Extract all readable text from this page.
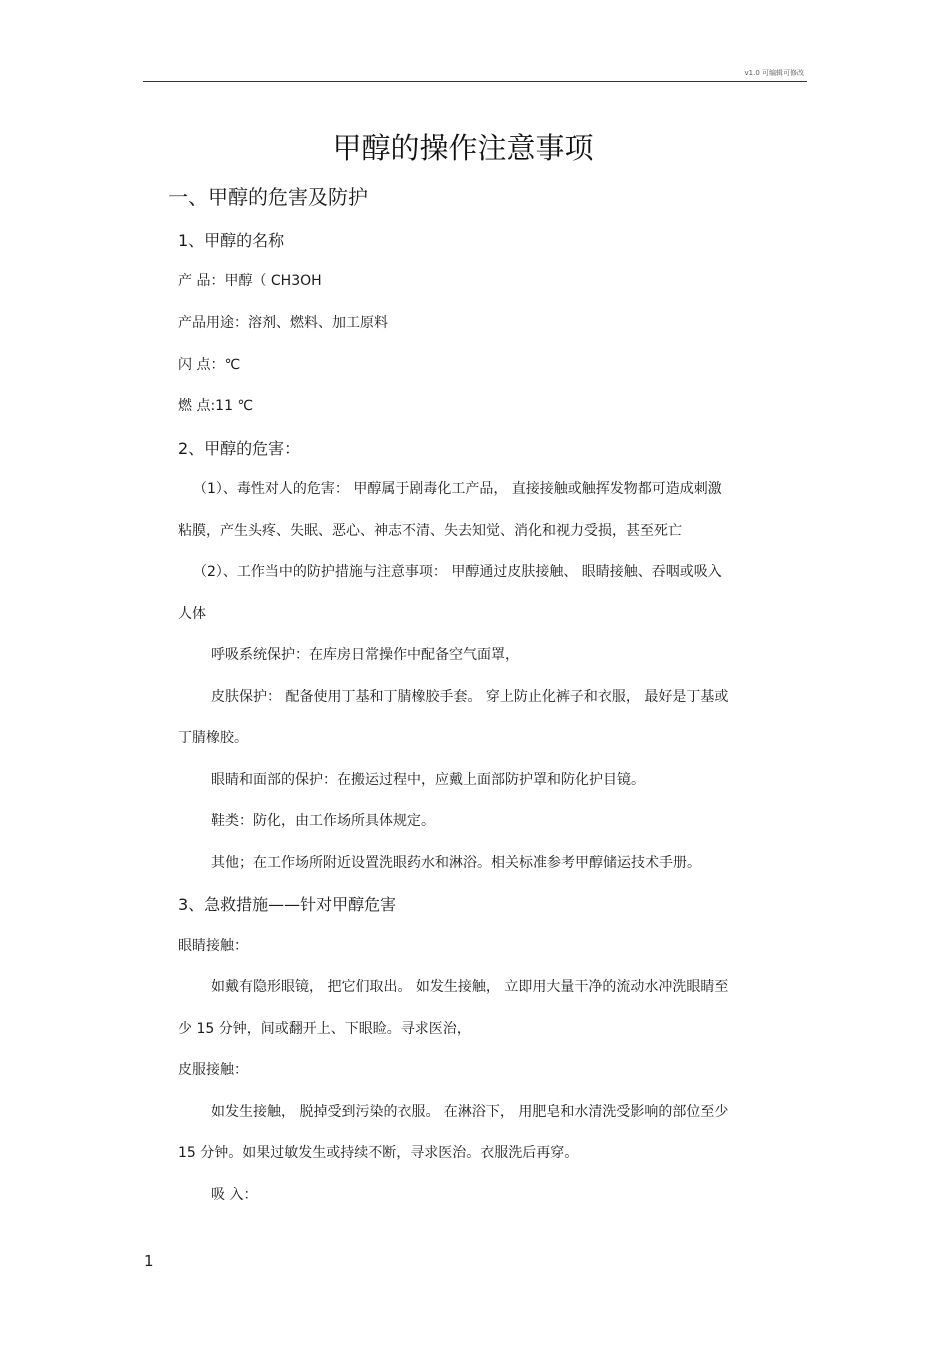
v1.0 可编辑可修改
甲醇的操作注意事项
一、甲醇的危害及防护
1、甲醇的名称
产 品：甲醇（ CH3OH
产品用途：溶剂、燃料、加工原料
闪 点：℃
燃 点:11 ℃
2、甲醇的危害：
（1）、毒性对人的危害： 甲醇属于剧毒化工产品， 直接接触或触挥发物都可造成刺激
粘膜，产生头疼、失眠、恶心、神志不清、失去知觉、消化和视力受损，甚至死亡
（2）、工作当中的防护措施与注意事项： 甲醇通过皮肤接触、 眼睛接触、吞咽或吸入
人体
呼吸系统保护：在库房日常操作中配备空气面罩，
皮肤保护： 配备使用丁基和丁腈橡胶手套。 穿上防止化裤子和衣服， 最好是丁基或
丁腈橡胶。
眼睛和面部的保护：在搬运过程中，应戴上面部防护罩和防化护目镜。
鞋类：防化，由工作场所具体规定。
其他；在工作场所附近设置洗眼药水和淋浴。相关标准参考甲醇储运技术手册。
3、急救措施——针对甲醇危害
眼睛接触：
如戴有隐形眼镜， 把它们取出。 如发生接触， 立即用大量干净的流动水冲洗眼睛至
少 15 分钟，间或翻开上、下眼睑。寻求医治，
皮服接触：
如发生接触， 脱掉受到污染的衣服。 在淋浴下， 用肥皂和水清洗受影响的部位至少
15 分钟。如果过敏发生或持续不断，寻求医治。衣服洗后再穿。
吸 入：
1
